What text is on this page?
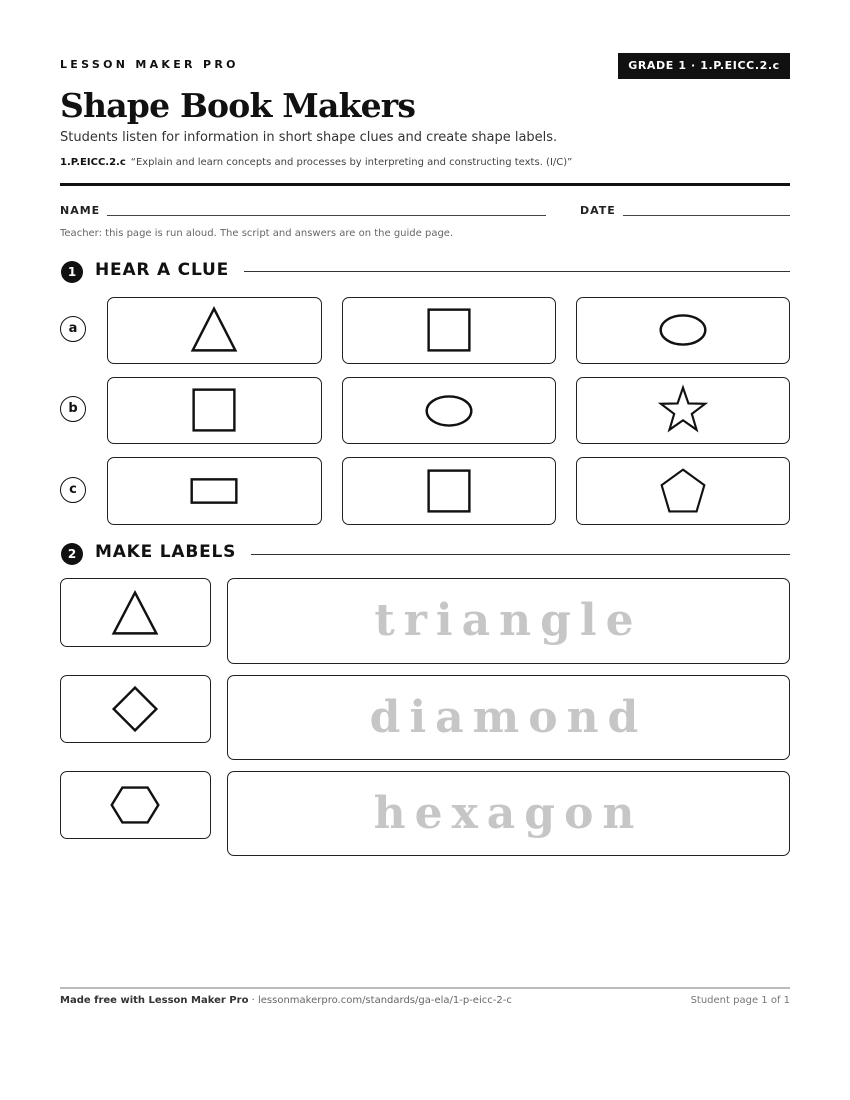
LESSON MAKER PRO	GRADE 1 · 1.P.EICC.2.c
Shape Book Makers
Students listen for information in short shape clues and create shape labels.
1.P.EICC.2.c “Explain and learn concepts and processes by interpreting and constructing texts. (I/C)”
NAME	DATE
Teacher: this page is run aloud. The script and answers are on the guide page.
1	HEAR A CLUE
a
b
c
2	MAKE LABELS
triangle
diamond
hexagon
Made free with Lesson Maker Pro · lessonmakerpro.com/standards/ga-ela/1-p-eicc-2-c	Student page 1 of 1
